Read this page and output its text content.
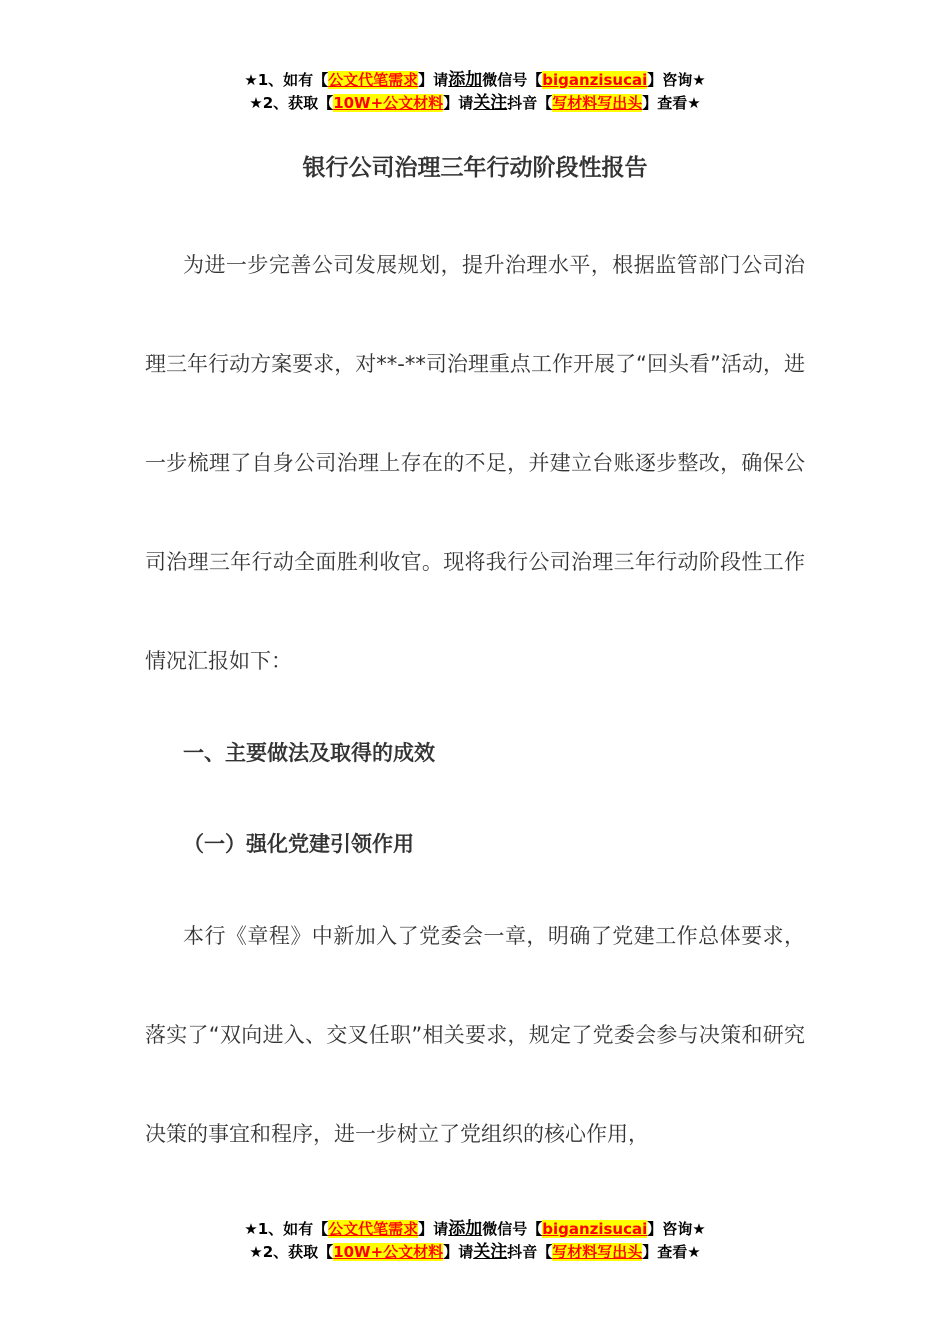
★1、如有【公文代笔需求】请添加微信号【biganzisucai】咨询★
★2、获取【10W+公文材料】请关注抖音【写材料写出头】查看★
银行公司治理三年行动阶段性报告

为进一步完善公司发展规划，提升治理水平，根据监管部门公司治理三年行动方案要求，对**-**司治理重点工作开展了“回头看”活动，进一步梳理了自身公司治理上存在的不足，并建立台账逐步整改，确保公司治理三年行动全面胜利收官。现将我行公司治理三年行动阶段性工作情况汇报如下：

一、主要做法及取得的成效
（一）强化党建引领作用

本行《章程》中新加入了党委会一章，明确了党建工作总体要求，落实了“双向进入、交叉任职”相关要求，规定了党委会参与决策和研究决策的事宜和程序，进一步树立了党组织的核心作用，

★1、如有【公文代笔需求】请添加微信号【biganzisucai】咨询★
★2、获取【10W+公文材料】请关注抖音【写材料写出头】查看★
